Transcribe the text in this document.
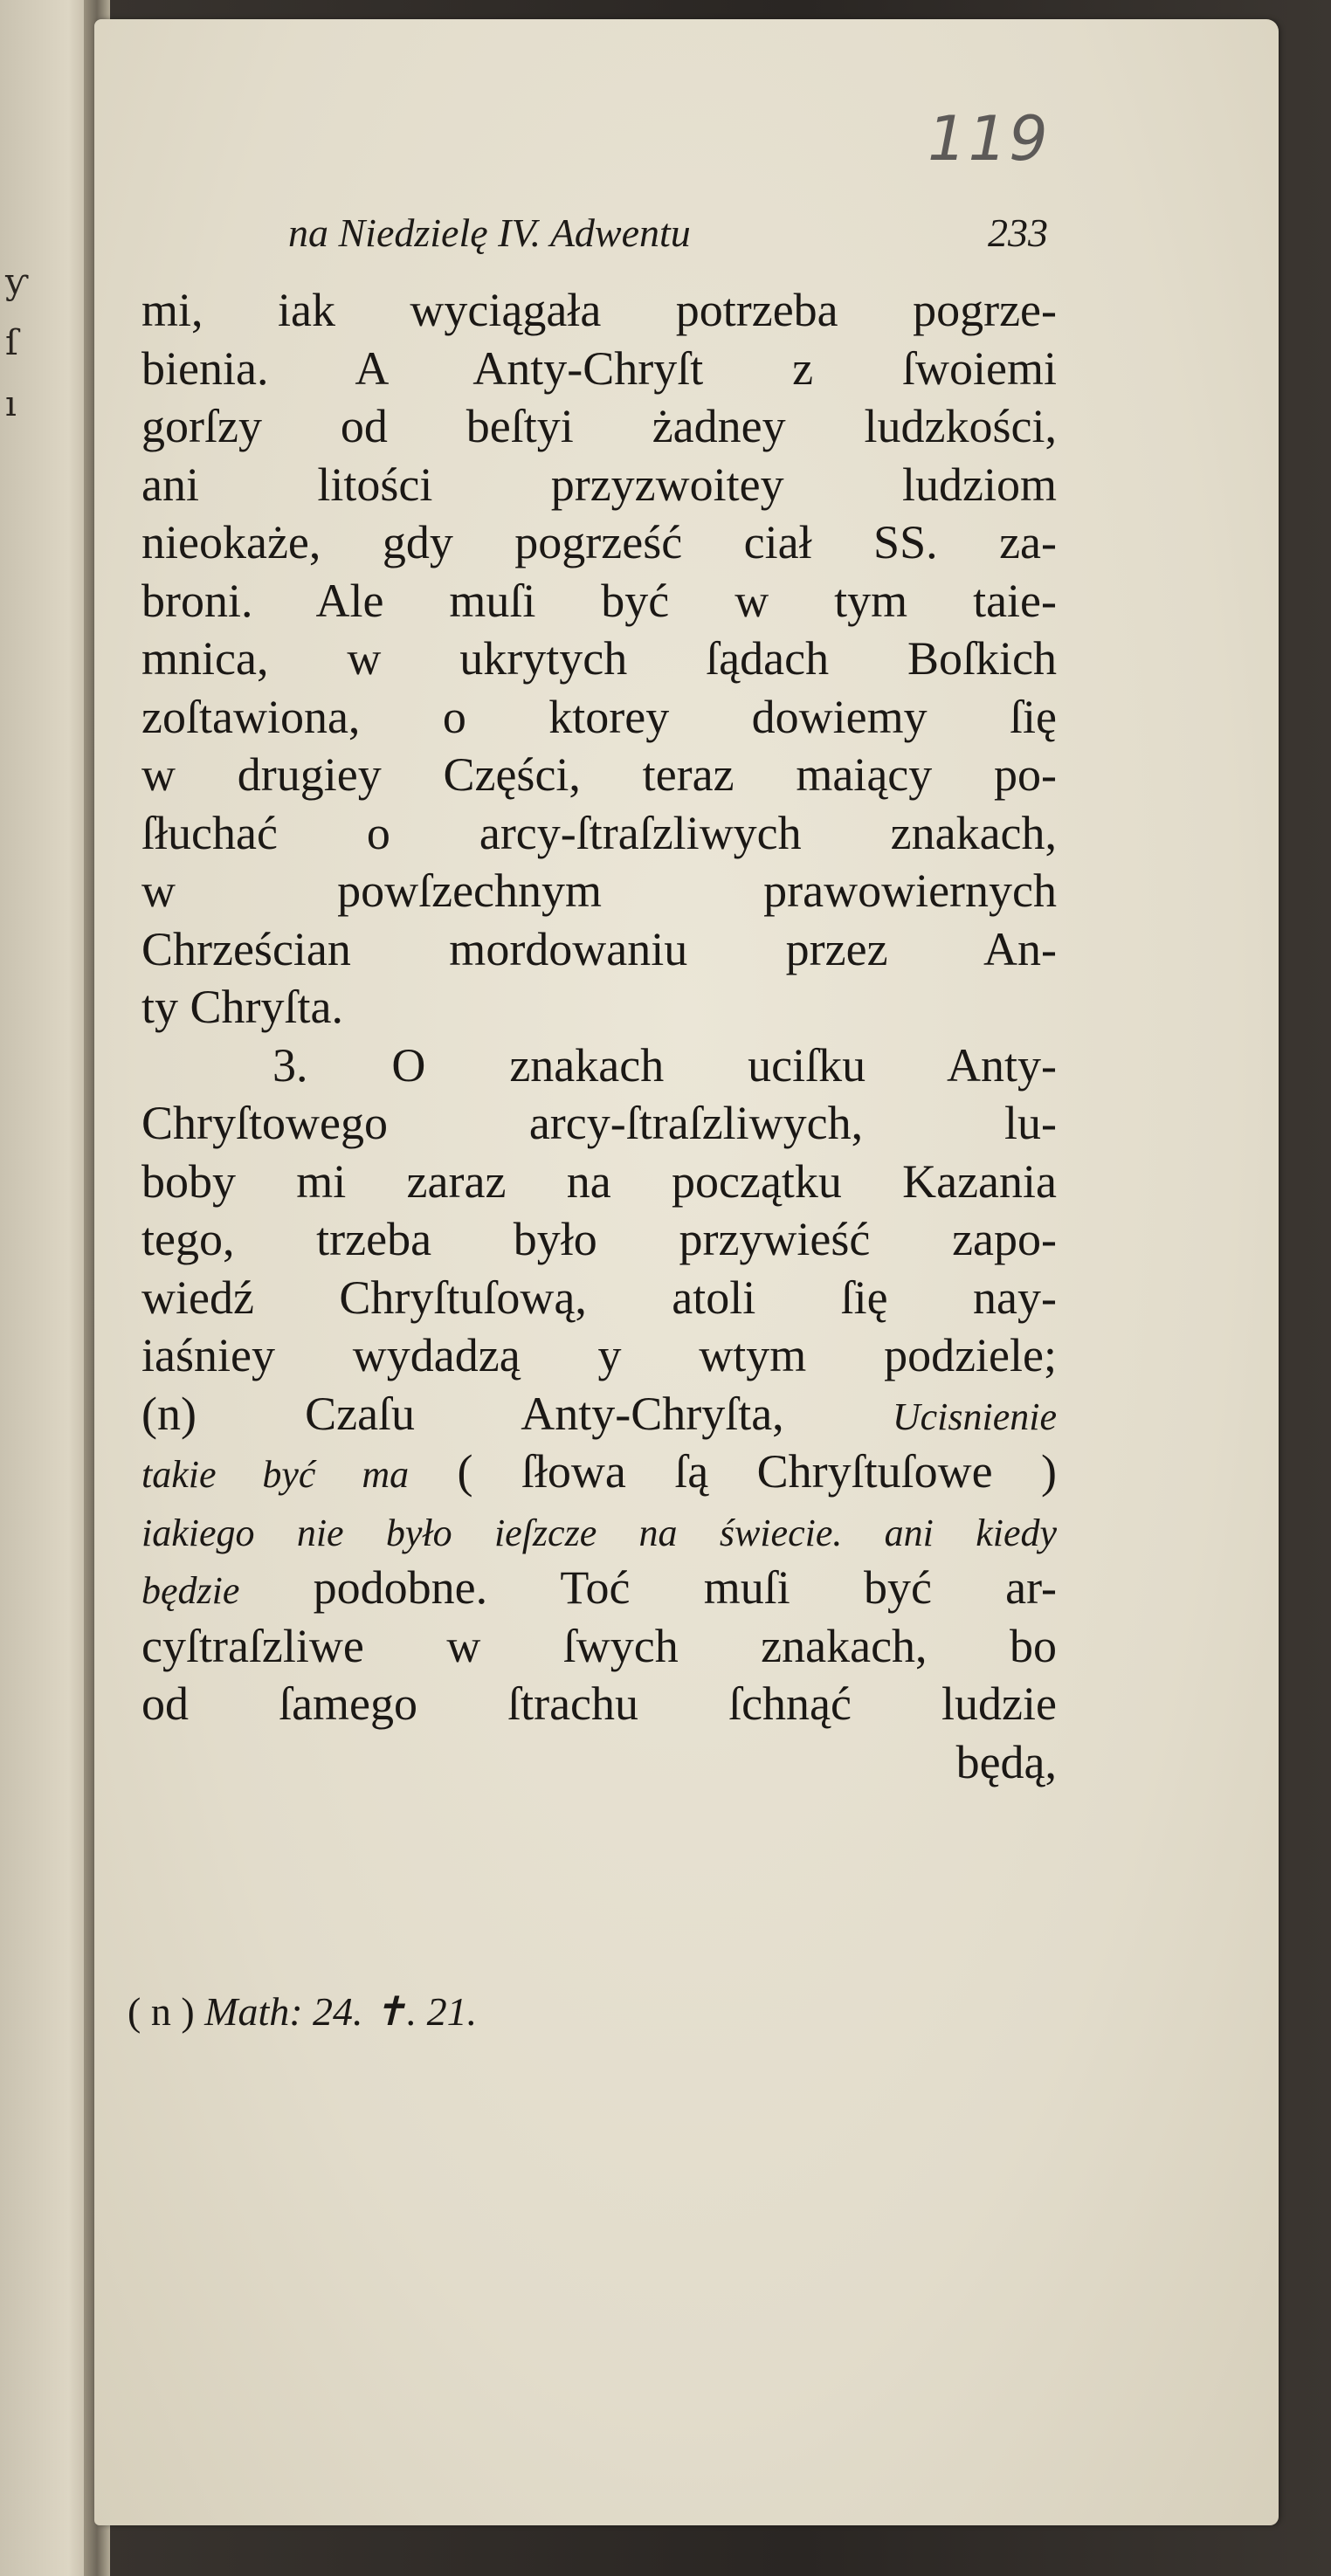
ƴ
ſ
ı
119
na Niedzielę IV. Adwentu	233
mi, iak wyciągała potrzeba pogrze-
bienia. A Anty-Chryſt z ſwoiemi
gorſzy od beſtyi żadney ludzkości,
ani litości przyzwoitey ludziom
nieokaże, gdy pogrześć ciał SS. za-
broni. Ale muſi być w tym taie-
mnica, w ukrytych ſądach Boſkich
zoſtawiona, o ktorey dowiemy ſię
w drugiey Części, teraz maiący po-
ſłuchać o arcy-ſtraſzliwych znakach,
w powſzechnym prawowiernych
Chrześcian mordowaniu przez An-
ty Chryſta.
3. O znakach uciſku Anty-
Chryſtowego arcy-ſtraſzliwych, lu-
boby mi zaraz na początku Kazania
tego, trzeba było przywieść zapo-
wiedź Chryſtuſową, atoli ſię nay-
iaśniey wydadzą y wtym podziele;
(n) Czaſu Anty-Chryſta, Ucisnienie
takie być ma ( ſłowa ſą Chryſtuſowe )
iakiego nie było ieſzcze na świecie. ani kiedy
będzie podobne. Toć muſi być ar-
cyſtraſzliwe w ſwych znakach, bo
od ſamego ſtrachu ſchnąć ludzie
będą,
( n ) Math: 24. ✝. 21.
